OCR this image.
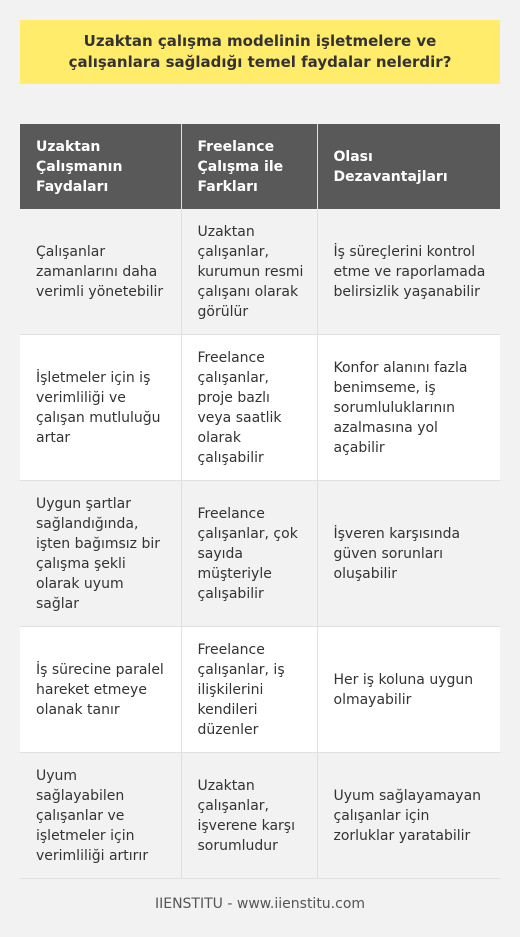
Uzaktan çalışma modelinin işletmelere ve çalışanlara sağladığı temel faydalar nelerdir?
Uzaktan Çalışmanın Faydaları	Freelance Çalışma ile Farkları	Olası Dezavantajları
Çalışanlar zamanlarını daha verimli yönetebilir	Uzaktan çalışanlar, kurumun resmi çalışanı olarak görülür	İş süreçlerini kontrol etme ve raporlamada belirsizlik yaşanabilir
İşletmeler için iş verimliliği ve çalışan mutluluğu artar	Freelance çalışanlar, proje bazlı veya saatlik olarak çalışabilir	Konfor alanını fazla benimseme, iş sorumluluklarının azalmasına yol açabilir
Uygun şartlar sağlandığında, işten bağımsız bir çalışma şekli olarak uyum sağlar	Freelance çalışanlar, çok sayıda müşteriyle çalışabilir	İşveren karşısında güven sorunları oluşabilir
İş sürecine paralel hareket etmeye olanak tanır	Freelance çalışanlar, iş ilişkilerini kendileri düzenler	Her iş koluna uygun olmayabilir
Uyum sağlayabilen çalışanlar ve işletmeler için verimliliği artırır	Uzaktan çalışanlar, işverene karşı sorumludur	Uyum sağlayamayan çalışanlar için zorluklar yaratabilir
IIENSTITU - www.iienstitu.com
